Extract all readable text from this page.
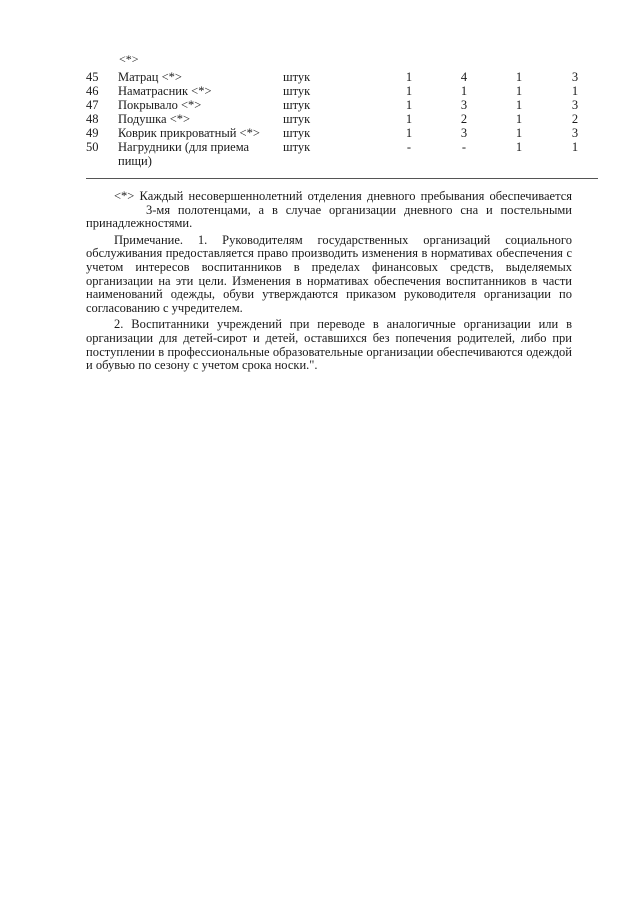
<*>
45	Матрац <*>	штук	1	4	1	3
46	Наматрасник <*>	штук	1	1	1	1
47	Покрывало <*>	штук	1	3	1	3
48	Подушка <*>	штук	1	2	1	2
49	Коврик прикроватный <*>	штук	1	3	1	3
50	Нагрудники (для приема пищи)	штук	-	-	1	1

<*> Каждый несовершеннолетний отделения дневного пребывания обеспечивается3-мя полотенцами, а в случае организации дневного сна и постельными принадлежностями.

Примечание. 1. Руководителям государственных организаций социального обслуживания предоставляется право производить изменения в нормативах обеспечения с учетом интересов воспитанников в пределах финансовых средств, выделяемых организации на эти цели. Изменения в нормативах обеспечения воспитанников в части наименований одежды, обуви утверждаются приказом руководителя организации по согласованию с учредителем.

2. Воспитанники учреждений при переводе в аналогичные организации или в организации для детей-сирот и детей, оставшихся без попечения родителей, либо при поступлении в профессиональные образовательные организации обеспечиваются одеждой и обувью по сезону с учетом срока носки.".
